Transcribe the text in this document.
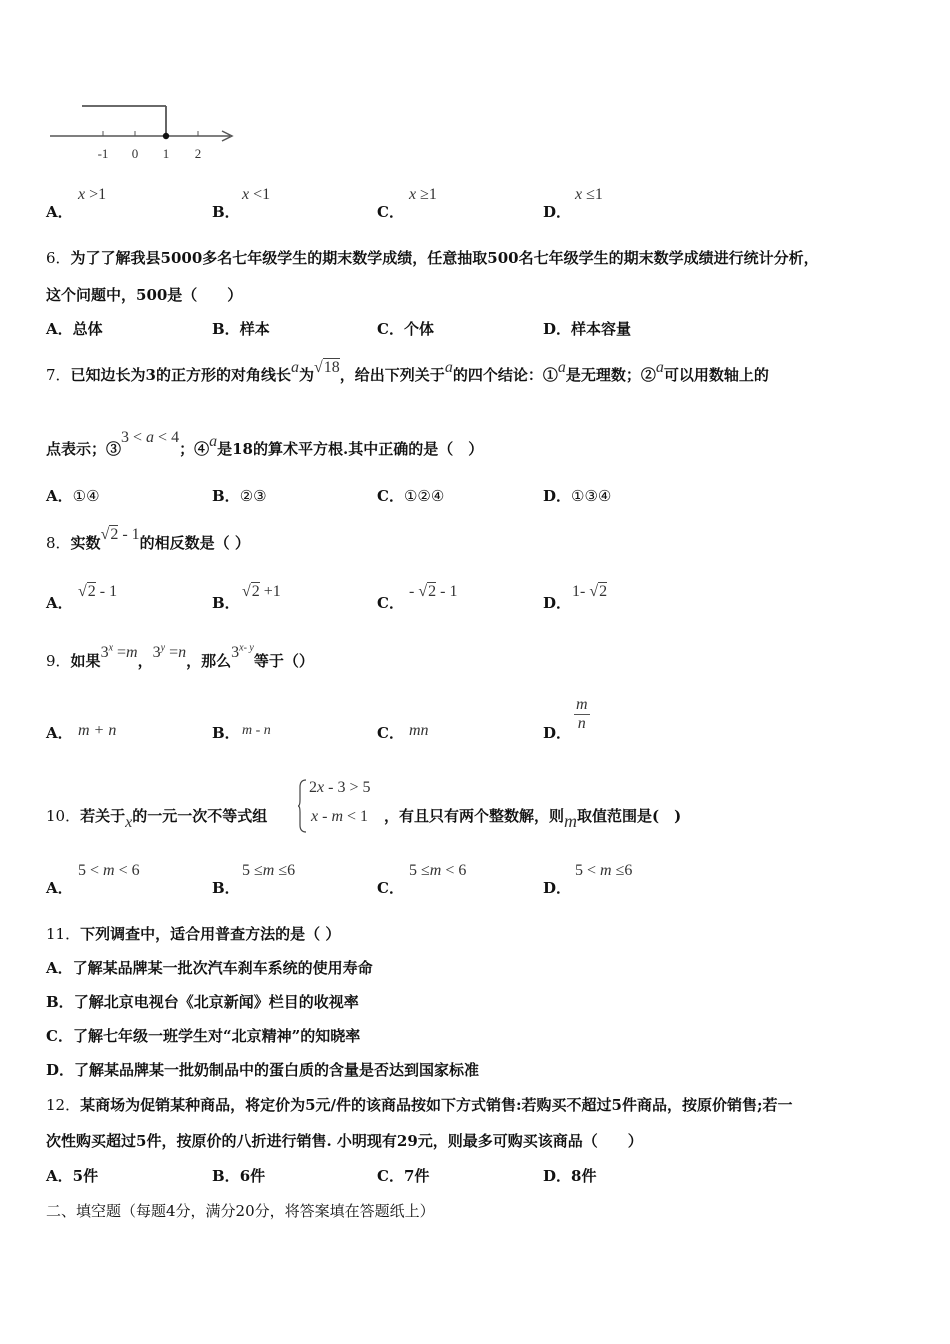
-1 0 1 2
A．
x >1
B．
x <1
C．
x ≥1
D．
x ≤1
6．为了了解我县5000多名七年级学生的期末数学成绩，任意抽取500名七年级学生的期末数学成绩进行统计分析，
这个问题中，500是（　　）
A．总体	B．样本	C．个体	D．样本容量
7．已知边长为3的正方形的对角线长a为√18，给出下列关于a的四个结论：①a是无理数；②a可以用数轴上的
点表示；③3 < a < 4；④a是18的算术平方根.其中正确的是（　）
A．①④	B．②③	C．①②④	D．①③④
8．实数√2 - 1的相反数是（ ）
A．
√2 - 1
B．
√2 +1
C．
- √2 - 1
D．
1- √2
9．如果$3^x =m$，$3^y =n$，那么3$^{x- y}$等于（）
A． m + n	B． m - n	C． mn	D． $\frac{m}{n}$
10．若关于x的一元一次不等式组
2x - 3 > 5
x - m < 1 ，有且只有两个整数解，则m取值范围是(　)
A．
5 < m < 6
B．
5 ≤m ≤6
C．
5 ≤m < 6
D．
5 < m ≤6
11．下列调查中，适合用普查方法的是（ ）
A．了解某品牌某一批次汽车刹车系统的使用寿命
B．了解北京电视台《北京新闻》栏目的收视率
C．了解七年级一班学生对“北京精神”的知晓率
D．了解某品牌某一批奶制品中的蛋白质的含量是否达到国家标准
12．某商场为促销某种商品，将定价为5元/件的该商品按如下方式销售:若购买不超过5件商品，按原价销售;若一
次性购买超过5件，按原价的八折进行销售. 小明现有29元，则最多可购买该商品（　　）
A．5件	B．6件	C．7件	D．8件
二、填空题（每题4分，满分20分，将答案填在答题纸上）
